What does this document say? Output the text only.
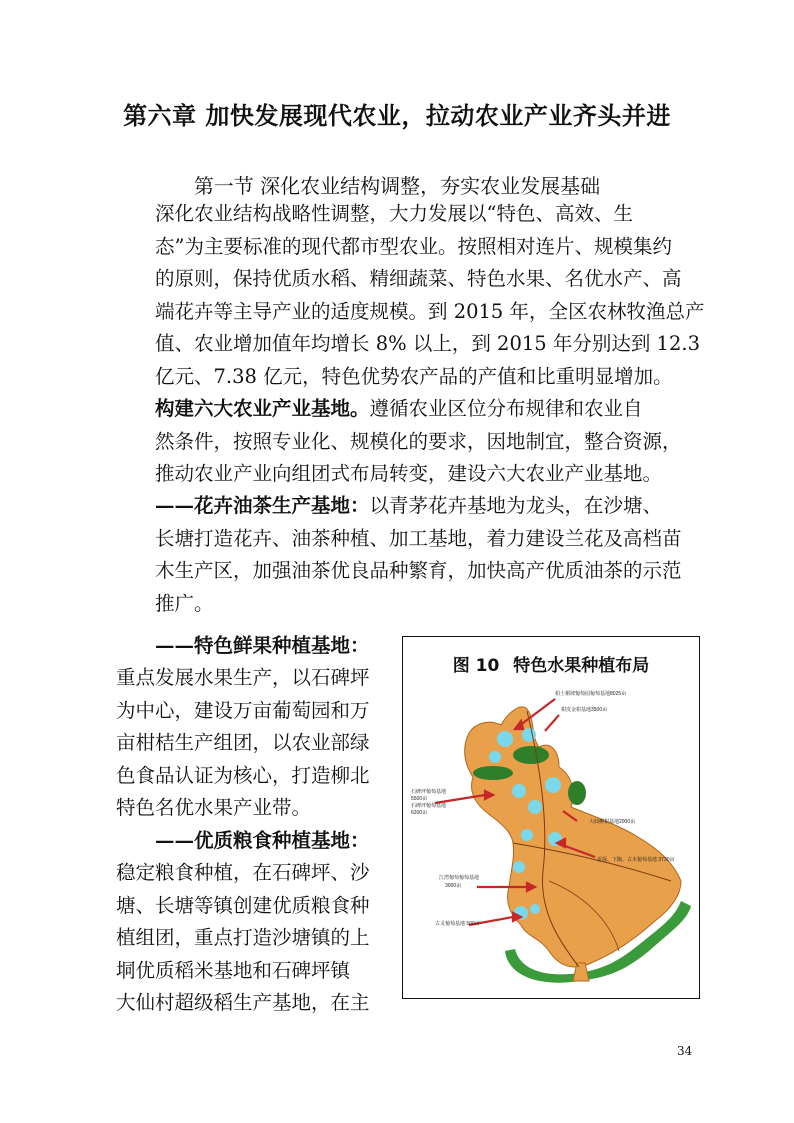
第六章 加快发展现代农业，拉动农业产业齐头并进
第一节 深化农业结构调整，夯实农业发展基础
深化农业结构战略性调整，大力发展以“特色、高效、生
态”为主要标准的现代都市型农业。按照相对连片、规模集约
的原则，保持优质水稻、精细蔬菜、特色水果、名优水产、高
端花卉等主导产业的适度规模。到 2015 年，全区农林牧渔总产
值、农业增加值年均增长 8% 以上，到 2015 年分别达到 12.3
亿元、7.38 亿元，特色优势农产品的产值和比重明显增加。
构建六大农业产业基地。遵循农业区位分布规律和农业自
然条件，按照专业化、规模化的要求，因地制宜，整合资源，
推动农业产业向组团式布局转变，建设六大农业产业基地。
——花卉油茶生产基地：以青茅花卉基地为龙头，在沙塘、
长塘打造花卉、油茶种植、加工基地，着力建设兰花及高档苗
木生产区，加强油茶优良品种繁育，加快高产优质油茶的示范
推广。
——特色鲜果种植基地：
重点发展水果生产，以石碑坪
为中心，建设万亩葡萄园和万
亩柑桔生产组团，以农业部绿
色食品认证为核心，打造柳北
特色名优水果产业带。
——优质粮食种植基地：
稳定粮食种植，在石碑坪、沙
塘、长塘等镇创建优质粮食种
植组团，重点打造沙塘镇的上
垌优质稻米基地和石碑坪镇
大仙村超级稻生产基地，在主
图 10 特色水果种植布局
柏土桐坡葡萄园葡萄基地8025亩
柑皮金柑基地3500亩
石碑坪葡萄基地
5500亩
石碑坪葡萄基地
6200亩
大仙柳柑基地2000亩
雷保、下陶、古木葡萄基地 3730亩
江湾葡萄葡萄基地
3000亩
古灵葡萄基地 500亩
34
